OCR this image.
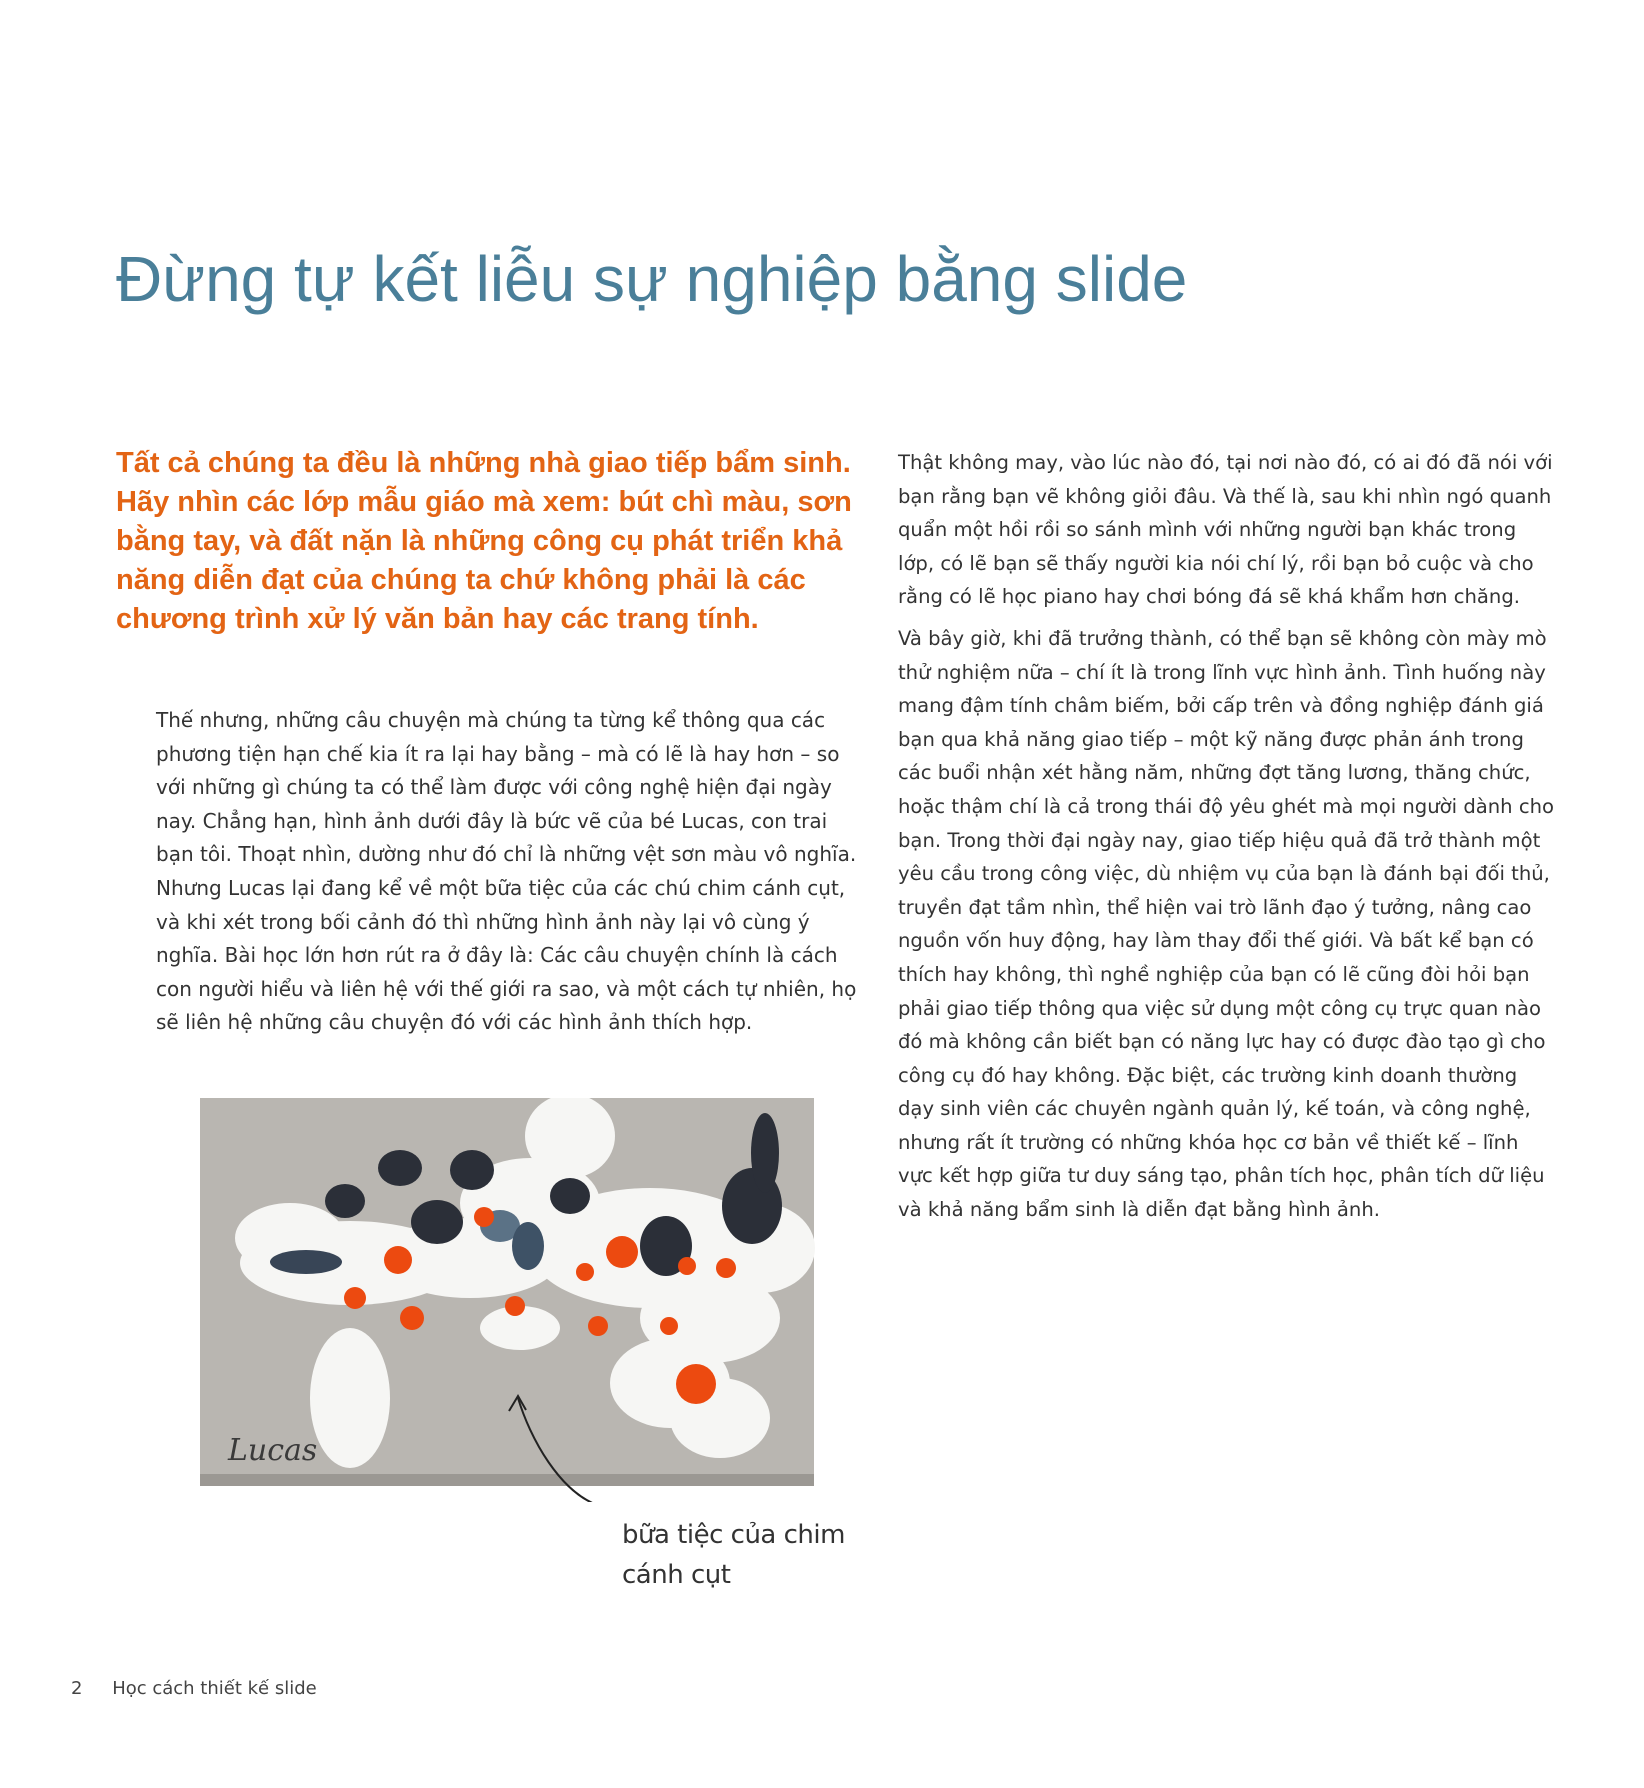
Đừng tự kết liễu sự nghiệp bằng slide

Tất cả chúng ta đều là những nhà giao tiếp bẩm sinh. Hãy nhìn các lớp mẫu giáo mà xem: bút chì màu, sơn bằng tay, và đất nặn là những công cụ phát triển khả năng diễn đạt của chúng ta chứ không phải là các chương trình xử lý văn bản hay các trang tính.

Thế nhưng, những câu chuyện mà chúng ta từng kể thông qua các phương tiện hạn chế kia ít ra lại hay bằng – mà có lẽ là hay hơn – so với những gì chúng ta có thể làm được với công nghệ hiện đại ngày nay. Chẳng hạn, hình ảnh dưới đây là bức vẽ của bé Lucas, con trai bạn tôi. Thoạt nhìn, dường như đó chỉ là những vệt sơn màu vô nghĩa. Nhưng Lucas lại đang kể về một bữa tiệc của các chú chim cánh cụt, và khi xét trong bối cảnh đó thì những hình ảnh này lại vô cùng ý nghĩa. Bài học lớn hơn rút ra ở đây là: Các câu chuyện chính là cách con người hiểu và liên hệ với thế giới ra sao, và một cách tự nhiên, họ sẽ liên hệ những câu chuyện đó với các hình ảnh thích hợp.

Thật không may, vào lúc nào đó, tại nơi nào đó, có ai đó đã nói với bạn rằng bạn vẽ không giỏi đâu. Và thế là, sau khi nhìn ngó quanh quẩn một hồi rồi so sánh mình với những người bạn khác trong lớp, có lẽ bạn sẽ thấy người kia nói chí lý, rồi bạn bỏ cuộc và cho rằng có lẽ học piano hay chơi bóng đá sẽ khá khẩm hơn chăng.

Và bây giờ, khi đã trưởng thành, có thể bạn sẽ không còn mày mò thử nghiệm nữa – chí ít là trong lĩnh vực hình ảnh. Tình huống này mang đậm tính châm biếm, bởi cấp trên và đồng nghiệp đánh giá bạn qua khả năng giao tiếp – một kỹ năng được phản ánh trong các buổi nhận xét hằng năm, những đợt tăng lương, thăng chức, hoặc thậm chí là cả trong thái độ yêu ghét mà mọi người dành cho bạn. Trong thời đại ngày nay, giao tiếp hiệu quả đã trở thành một yêu cầu trong công việc, dù nhiệm vụ của bạn là đánh bại đối thủ, truyền đạt tầm nhìn, thể hiện vai trò lãnh đạo ý tưởng, nâng cao nguồn vốn huy động, hay làm thay đổi thế giới. Và bất kể bạn có thích hay không, thì nghề nghiệp của bạn có lẽ cũng đòi hỏi bạn phải giao tiếp thông qua việc sử dụng một công cụ trực quan nào đó mà không cần biết bạn có năng lực hay có được đào tạo gì cho công cụ đó hay không. Đặc biệt, các trường kinh doanh thường dạy sinh viên các chuyên ngành quản lý, kế toán, và công nghệ, nhưng rất ít trường có những khóa học cơ bản về thiết kế – lĩnh vực kết hợp giữa tư duy sáng tạo, phân tích học, phân tích dữ liệu và khả năng bẩm sinh là diễn đạt bằng hình ảnh.

Lucas
bữa tiệc của chim
cánh cụt
2 Học cách thiết kế slide
